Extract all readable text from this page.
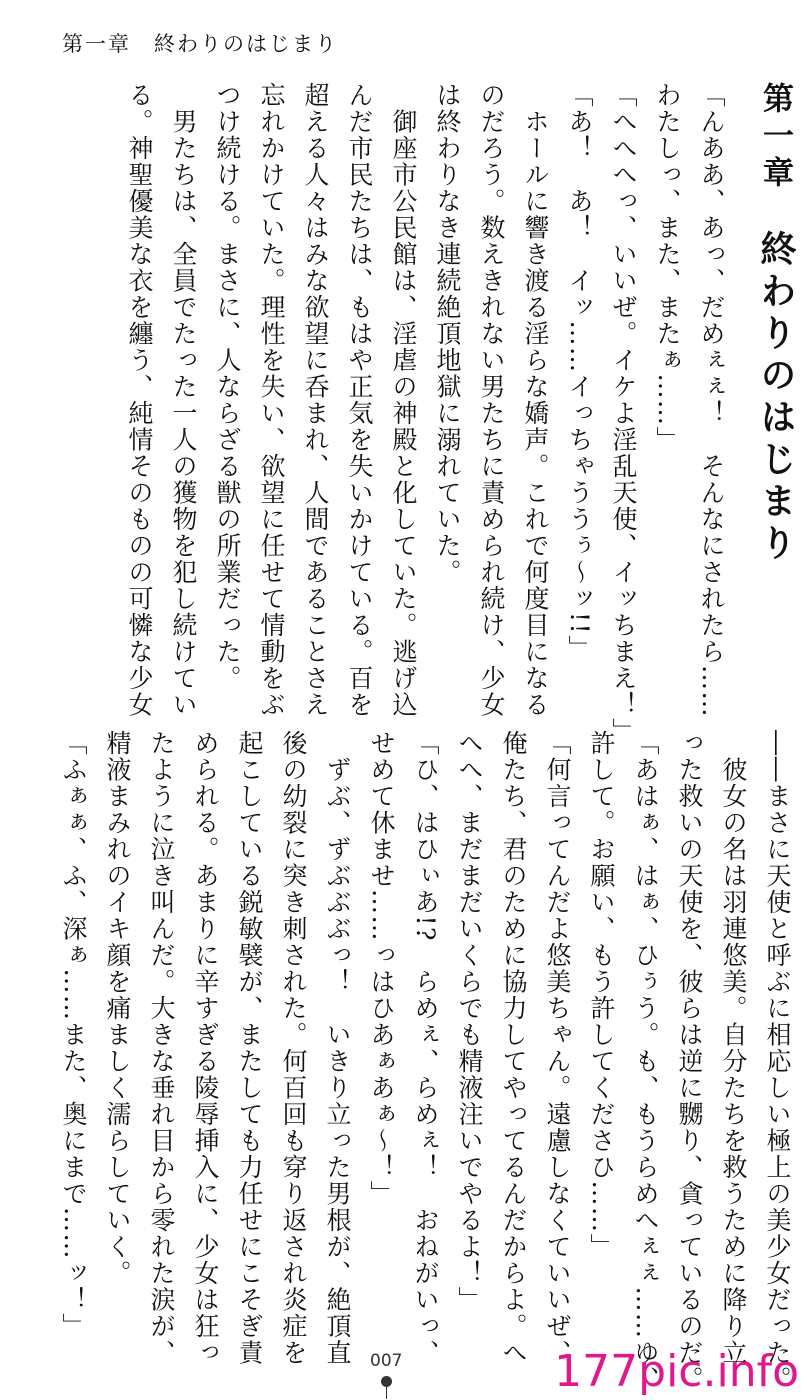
第一章　終わりのはじまり
第一章 終わりのはじまり
「んああ、あっ、だめぇぇ！　そんなにされたら……
わたしっ、また、またぁ……」
「へへへっ、いいぜ。イケよ淫乱天使、イッちまえ！」
「あ！　あ！　イッ……イっちゃううぅ〜ッ!!」
　ホールに響き渡る淫らな嬌声。これで何度目になる
のだろう。数えきれない男たちに責められ続け、少女
は終わりなき連続絶頂地獄に溺れていた。
　御座市公民館は、淫虐の神殿と化していた。逃げ込
んだ市民たちは、もはや正気を失いかけている。百を
超える人々はみな欲望に呑まれ、人間であることさえ
忘れかけていた。理性を失い、欲望に任せて情動をぶ
つけ続ける。まさに、人ならざる獣の所業だった。
　男たちは、全員でたった一人の獲物を犯し続けてい
る。神聖優美な衣を纏う、純情そのものの可憐な少女
――まさに天使と呼ぶに相応しい極上の美少女だった。
　彼女の名は羽連悠美。自分たちを救うために降り立
った救いの天使を、彼らは逆に嬲り、貪っているのだ。
「あはぁ、はぁ、ひぅう。も、もうらめへぇぇ……ゆ、
許して。お願い、もう許してくださひ……」
「何言ってんだよ悠美ちゃん。遠慮しなくていいぜ、
俺たち、君のために協力してやってるんだからよ。へ
へへ、まだまだいくらでも精液注いでやるよ！」
「ひ、はひぃあ!?　らめぇ、らめぇ！　おねがいっ、
せめて休ませ……っはひあぁあぁ〜！」
　ずぶ、ずぶぶぶっ！　いきり立った男根が、絶頂直
後の幼裂に突き刺された。何百回も穿り返され炎症を
起こしている鋭敏襞が、またしても力任せにこそぎ責
められる。あまりに辛すぎる陵辱挿入に、少女は狂っ
たように泣き叫んだ。大きな垂れ目から零れた涙が、
精液まみれのイキ顔を痛ましく濡らしていく。
「ふぁぁ、ふ、深ぁ……また、奥にまで……ッ！」
007	177pic.info
